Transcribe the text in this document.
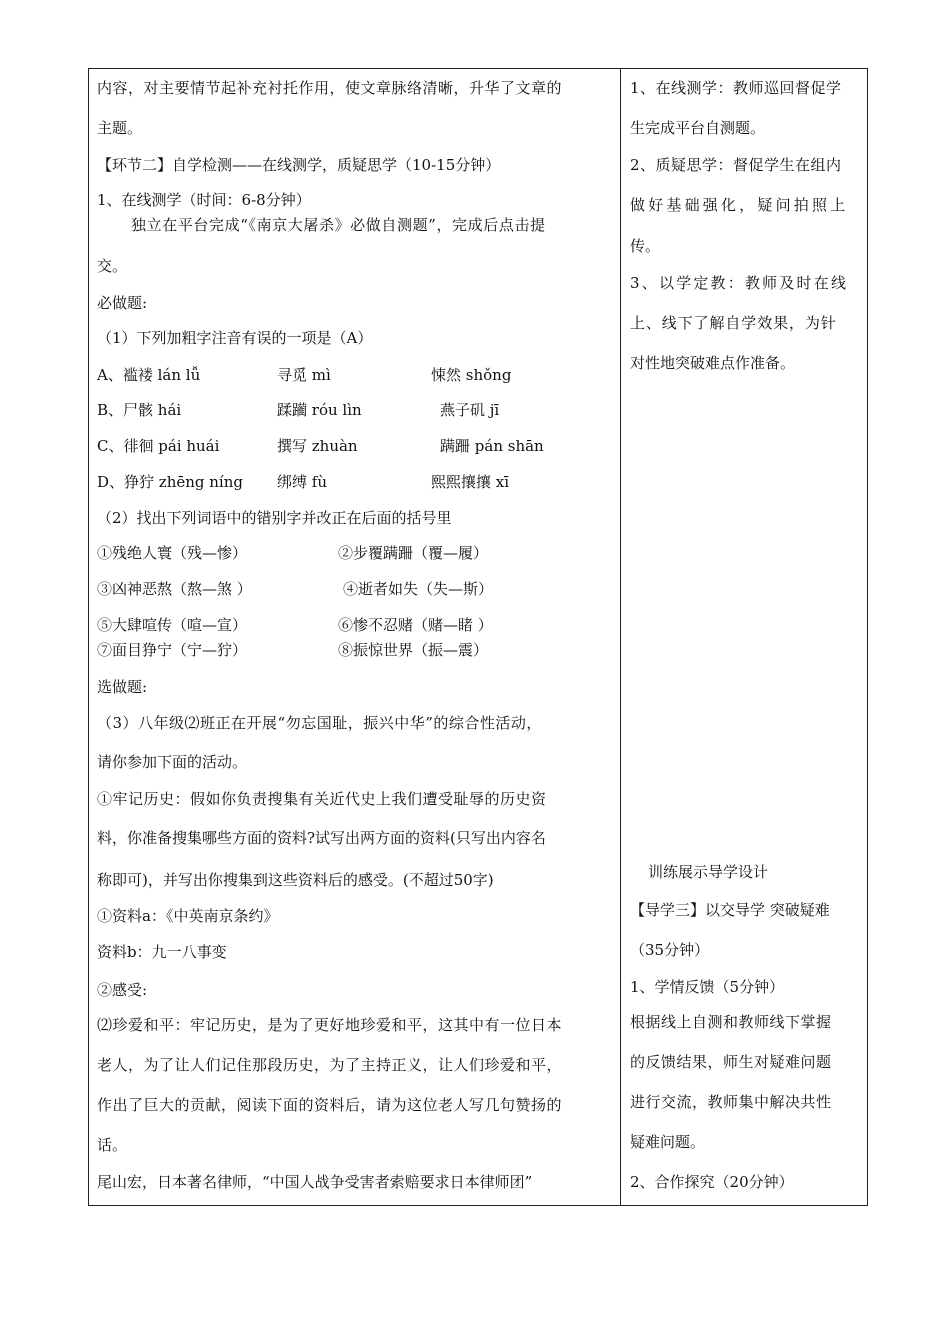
内容，对主要情节起补充衬托作用，使文章脉络清晰，升华了文章的
主题。
【环节二】自学检测——在线测学，质疑思学（10-15分钟）
1、在线测学（时间：6-8分钟）
独立在平台完成“《南京大屠杀》必做自测题”，完成后点击提
交。
必做题:
（1）下列加粗字注音有误的一项是（A）
A、褴褛 lán lǚ	寻觅 mì	悚然 shǒng
B、尸骸 hái	蹂躏 róu lìn	燕子矶 jī
C、徘徊 pái huái	撰写 zhuàn	蹒跚 pán shān
D、狰狞 zhēng níng 绑缚 fù	熙熙攘攘 xī
（2）找出下列词语中的错别字并改正在后面的括号里
①残绝人寰（残—惨）	②步覆蹒跚（覆—履）
③凶神恶熬（熬—煞 ）	④逝者如失（失—斯）
⑤大肆喧传（喧—宣）	⑥惨不忍赌（赌—睹 ）
⑦面目狰宁（宁—狞）	⑧振惊世界（振—震）
选做题:
（3）八年级⑵班正在开展“勿忘国耻，振兴中华”的综合性活动，
请你参加下面的活动。
①牢记历史：假如你负责搜集有关近代史上我们遭受耻辱的历史资
料，你准备搜集哪些方面的资料?试写出两方面的资料(只写出内容名
称即可)，并写出你搜集到这些资料后的感受。(不超过50字)
①资料a：《中英南京条约》
资料b：九一八事变
②感受:
⑵珍爱和平：牢记历史，是为了更好地珍爱和平，这其中有一位日本
老人，为了让人们记住那段历史，为了主持正义，让人们珍爱和平，
作出了巨大的贡献，阅读下面的资料后，请为这位老人写几句赞扬的
话。
尾山宏，日本著名律师，“中国人战争受害者索赔要求日本律师团”
1、在线测学：教师巡回督促学
生完成平台自测题。
2、质疑思学：督促学生在组内
做好基础强化，疑问拍照上
传。
3、以学定教：教师及时在线
上、线下了解自学效果，为针
对性地突破难点作准备。
训练展示导学设计
【导学三】以交导学 突破疑难
（35分钟）
1、学情反馈（5分钟）
根据线上自测和教师线下掌握
的反馈结果，师生对疑难问题
进行交流，教师集中解决共性
疑难问题。
2、合作探究（20分钟）
